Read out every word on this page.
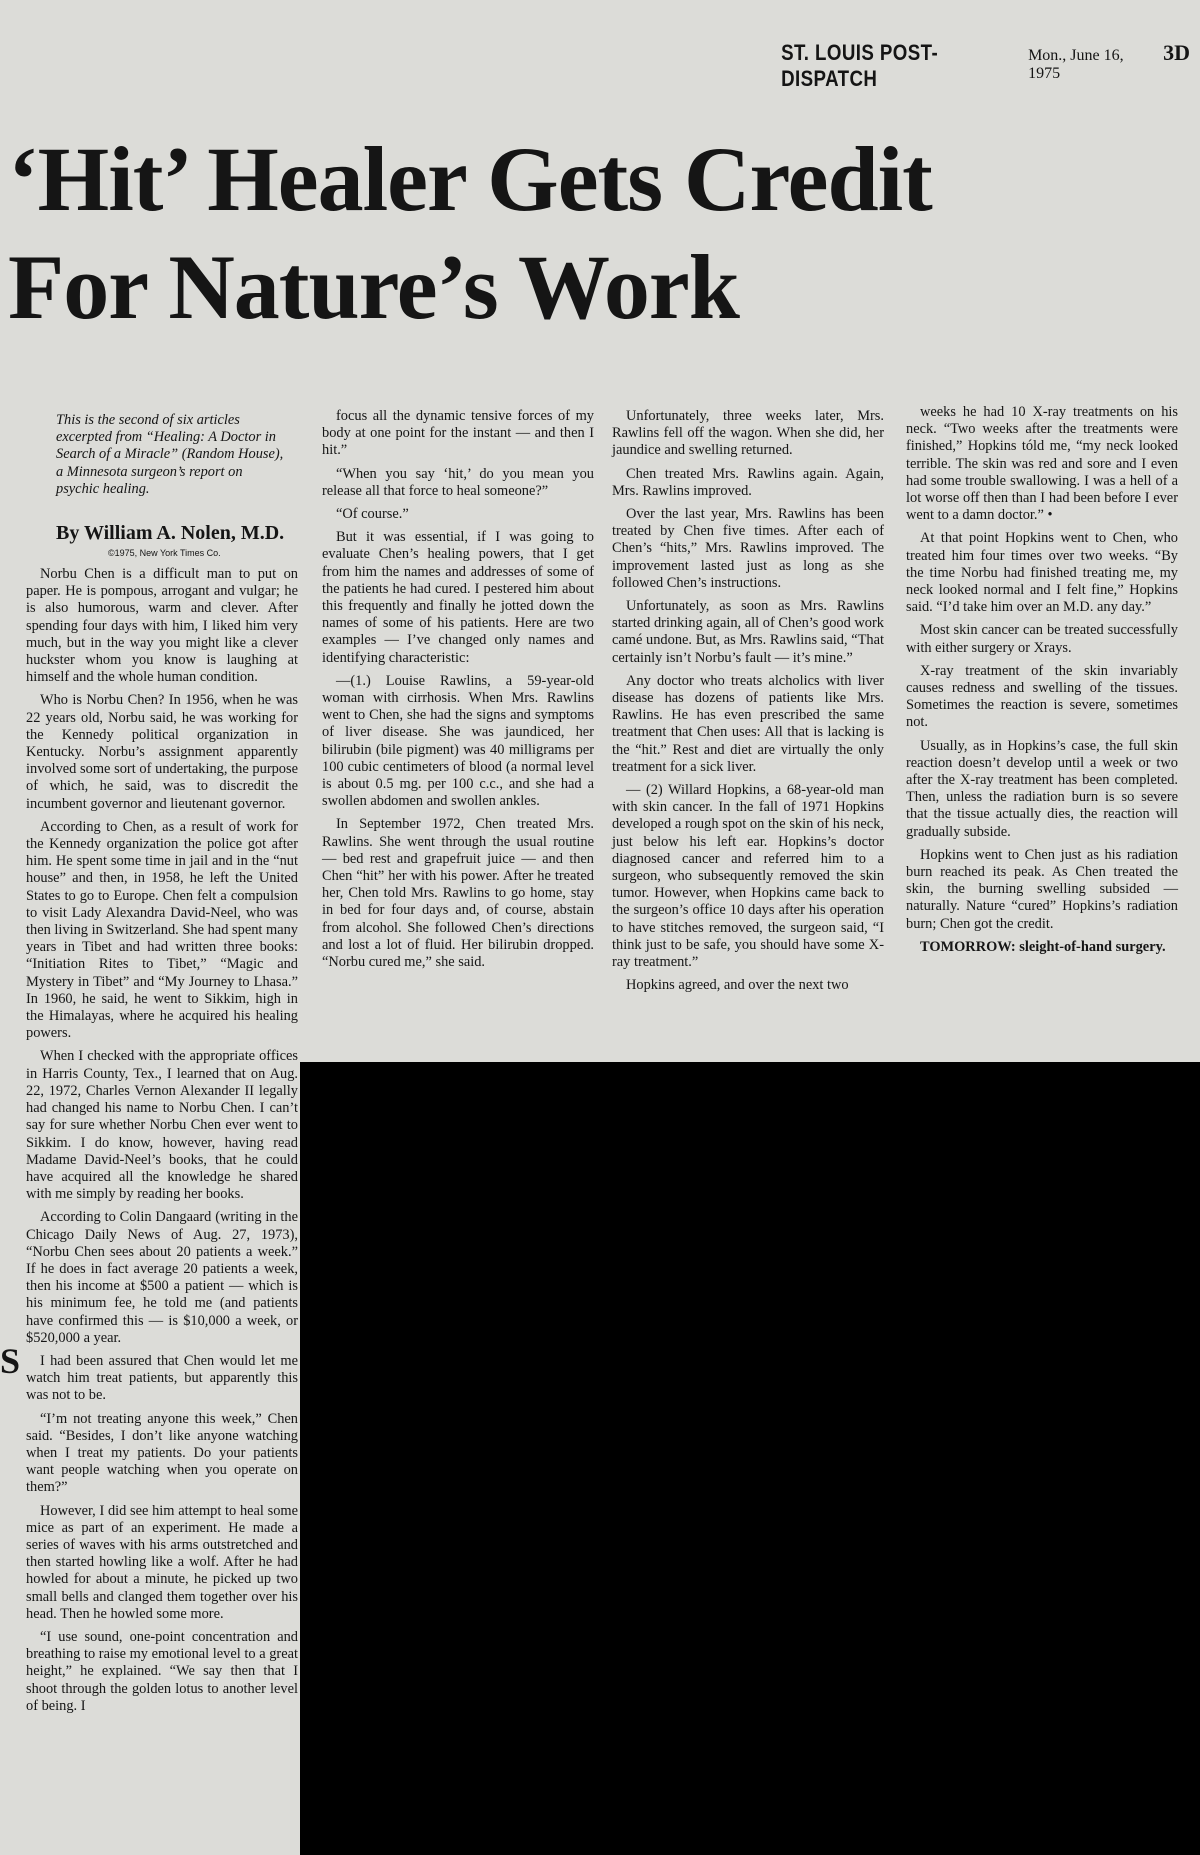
ST. LOUIS POST-DISPATCH
Mon., June 16, 1975
3D
‘Hit’ Healer Gets Credit
For Nature’s Work
This is the second of six articles excerpted from “Healing: A Doctor in Search of a Miracle” (Random House), a Minnesota surgeon’s report on psychic healing.
By William A. Nolen, M.D.
©1975, New York Times Co.

Norbu Chen is a difficult man to put on paper. He is pompous, arrogant and vulgar; he is also humorous, warm and clever. After spending four days with him, I liked him very much, but in the way you might like a clever huckster whom you know is laughing at himself and the whole human condition.

Who is Norbu Chen? In 1956, when he was 22 years old, Norbu said, he was working for the Kennedy political organization in Kentucky. Norbu’s assignment apparently involved some sort of undertaking, the purpose of which, he said, was to discredit the incumbent governor and lieutenant governor.

According to Chen, as a result of work for the Kennedy organization the police got after him. He spent some time in jail and in the “nut house” and then, in 1958, he left the United States to go to Europe. Chen felt a compulsion to visit Lady Alexandra David-Neel, who was then living in Switzerland. She had spent many years in Tibet and had written three books: “Initiation Rites to Tibet,” “Magic and Mystery in Tibet” and “My Journey to Lhasa.” In 1960, he said, he went to Sikkim, high in the Himalayas, where he acquired his healing powers.

When I checked with the appropriate offices in Harris County, Tex., I learned that on Aug. 22, 1972, Charles Vernon Alexander II legally had changed his name to Norbu Chen. I can’t say for sure whether Norbu Chen ever went to Sikkim. I do know, however, having read Madame David-Neel’s books, that he could have acquired all the knowledge he shared with me simply by reading her books.

According to Colin Dangaard (writing in the Chicago Daily News of Aug. 27, 1973), “Norbu Chen sees about 20 patients a week.” If he does in fact average 20 patients a week, then his income at $500 a patient — which is his minimum fee, he told me (and patients have confirmed this — is $10,000 a week, or $520,000 a year.

I had been assured that Chen would let me watch him treat patients, but apparently this was not to be.

“I’m not treating anyone this week,” Chen said. “Besides, I don’t like anyone watching when I treat my patients. Do your patients want people watching when you operate on them?”

However, I did see him attempt to heal some mice as part of an experiment. He made a series of waves with his arms outstretched and then started howling like a wolf. After he had howled for about a minute, he picked up two small bells and clanged them together over his head. Then he howled some more.

“I use sound, one-point concentration and breathing to raise my emotional level to a great height,” he explained. “We say then that I shoot through the golden lotus to another level of being. I

focus all the dynamic tensive forces of my body at one point for the instant — and then I hit.”

“When you say ‘hit,’ do you mean you release all that force to heal someone?”

“Of course.”

But it was essential, if I was going to evaluate Chen’s healing powers, that I get from him the names and addresses of some of the patients he had cured. I pestered him about this frequently and finally he jotted down the names of some of his patients. Here are two examples — I’ve changed only names and identifying characteristic:

—(1.) Louise Rawlins, a 59-year-old woman with cirrhosis. When Mrs. Rawlins went to Chen, she had the signs and symptoms of liver disease. She was jaundiced, her bilirubin (bile pigment) was 40 milligrams per 100 cubic centimeters of blood (a normal level is about 0.5 mg. per 100 c.c., and she had a swollen abdomen and swollen ankles.

In September 1972, Chen treated Mrs. Rawlins. She went through the usual routine — bed rest and grapefruit juice — and then Chen “hit” her with his power. After he treated her, Chen told Mrs. Rawlins to go home, stay in bed for four days and, of course, abstain from alcohol. She followed Chen’s directions and lost a lot of fluid. Her bilirubin dropped. “Norbu cured me,” she said.

Unfortunately, three weeks later, Mrs. Rawlins fell off the wagon. When she did, her jaundice and swelling returned.

Chen treated Mrs. Rawlins again. Again, Mrs. Rawlins improved.

Over the last year, Mrs. Rawlins has been treated by Chen five times. After each of Chen’s “hits,” Mrs. Rawlins improved. The improvement lasted just as long as she followed Chen’s instructions.

Unfortunately, as soon as Mrs. Rawlins started drinking again, all of Chen’s good work camé undone. But, as Mrs. Rawlins said, “That certainly isn’t Norbu’s fault — it’s mine.”

Any doctor who treats alcholics with liver disease has dozens of patients like Mrs. Rawlins. He has even prescribed the same treatment that Chen uses: All that is lacking is the “hit.” Rest and diet are virtually the only treatment for a sick liver.

— (2) Willard Hopkins, a 68-year-old man with skin cancer. In the fall of 1971 Hopkins developed a rough spot on the skin of his neck, just below his left ear. Hopkins’s doctor diagnosed cancer and referred him to a surgeon, who subsequently removed the skin tumor. However, when Hopkins came back to the surgeon’s office 10 days after his operation to have stitches removed, the surgeon said, “I think just to be safe, you should have some X-ray treatment.”

Hopkins agreed, and over the next two

weeks he had 10 X-ray treatments on his neck. “Two weeks after the treatments were finished,” Hopkins tóld me, “my neck looked terrible. The skin was red and sore and I even had some trouble swallowing. I was a hell of a lot worse off then than I had been before I ever went to a damn doctor.” •

At that point Hopkins went to Chen, who treated him four times over two weeks. “By the time Norbu had finished treating me, my neck looked normal and I felt fine,” Hopkins said. “I’d take him over an M.D. any day.”

Most skin cancer can be treated successfully with either surgery or Xrays.

X-ray treatment of the skin invariably causes redness and swelling of the tissues. Sometimes the reaction is severe, sometimes not.

Usually, as in Hopkins’s case, the full skin reaction doesn’t develop until a week or two after the X-ray treatment has been completed. Then, unless the radiation burn is so severe that the tissue actually dies, the reaction will gradually subside.

Hopkins went to Chen just as his radiation burn reached its peak. As Chen treated the skin, the burning swelling subsided — naturally. Nature “cured” Hopkins’s radiation burn; Chen got the credit.

TOMORROW: sleight-of-hand surgery.

S
